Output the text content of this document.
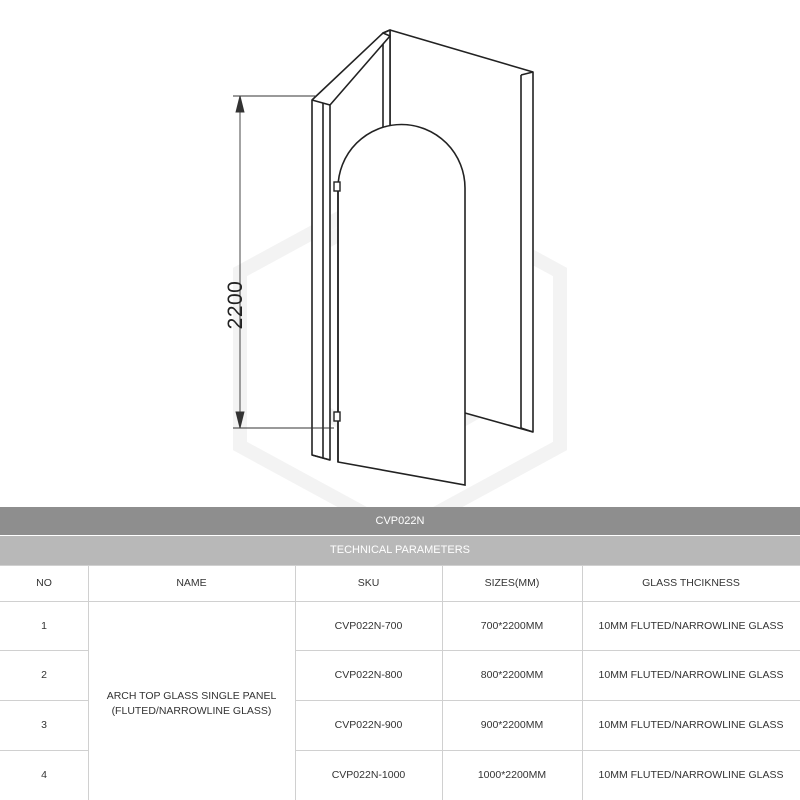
2200
CVP022N
TECHNICAL PARAMETERS
NO	NAME	SKU	SIZES(MM)	GLASS THCIKNESS
ARCH TOP GLASS SINGLE PANEL
(FLUTED/NARROWLINE GLASS)
1	CVP022N-700	700*2200MM	10MM FLUTED/NARROWLINE GLASS
2	CVP022N-800	800*2200MM	10MM FLUTED/NARROWLINE GLASS
3	CVP022N-900	900*2200MM	10MM FLUTED/NARROWLINE GLASS
4	CVP022N-1000	1000*2200MM	10MM FLUTED/NARROWLINE GLASS
